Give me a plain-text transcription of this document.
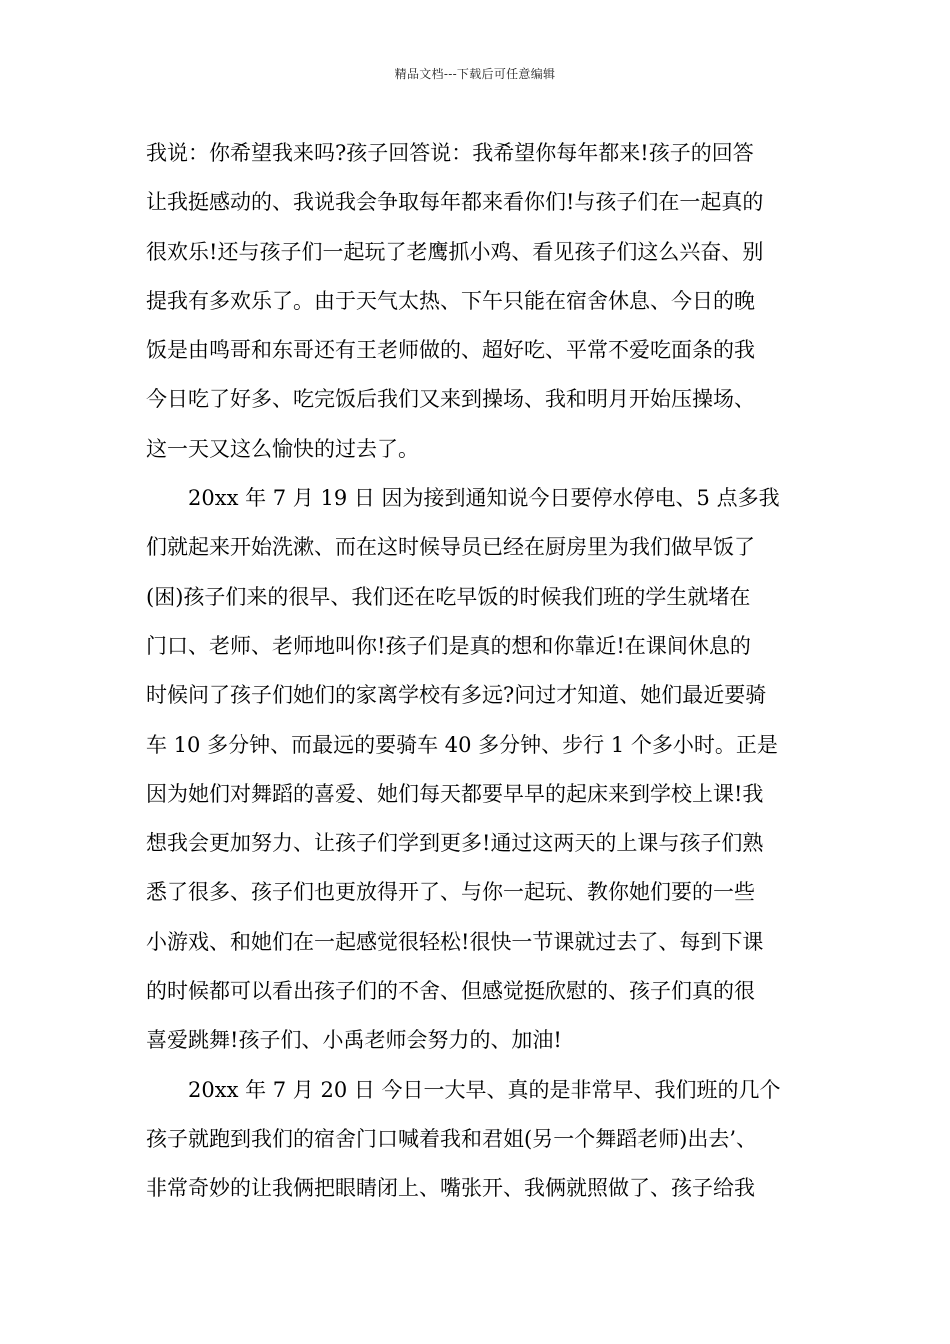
精品文档---下载后可任意编辑
我说：你希望我来吗?孩子回答说：我希望你每年都来!孩子的回答
让我挺感动的、我说我会争取每年都来看你们!与孩子们在一起真的
很欢乐!还与孩子们一起玩了老鹰抓小鸡、看见孩子们这么兴奋、别
提我有多欢乐了。由于天气太热、下午只能在宿舍休息、今日的晚
饭是由鸣哥和东哥还有王老师做的、超好吃、平常不爱吃面条的我
今日吃了好多、吃完饭后我们又来到操场、我和明月开始压操场、
这一天又这么愉快的过去了。
20xx 年 7 月 19 日 因为接到通知说今日要停水停电、5 点多我
们就起来开始洗漱、而在这时候导员已经在厨房里为我们做早饭了
(困)孩子们来的很早、我们还在吃早饭的时候我们班的学生就堵在
门口、老师、老师地叫你!孩子们是真的想和你靠近!在课间休息的
时候问了孩子们她们的家离学校有多远?问过才知道、她们最近要骑
车 10 多分钟、而最远的要骑车 40 多分钟、步行 1 个多小时。正是
因为她们对舞蹈的喜爱、她们每天都要早早的起床来到学校上课!我
想我会更加努力、让孩子们学到更多!通过这两天的上课与孩子们熟
悉了很多、孩子们也更放得开了、与你一起玩、教你她们要的一些
小游戏、和她们在一起感觉很轻松!很快一节课就过去了、每到下课
的时候都可以看出孩子们的不舍、但感觉挺欣慰的、孩子们真的很
喜爱跳舞!孩子们、小禹老师会努力的、加油!
20xx 年 7 月 20 日 今日一大早、真的是非常早、我们班的几个
孩子就跑到我们的宿舍门口喊着我和君姐(另一个舞蹈老师)出去’、
非常奇妙的让我俩把眼睛闭上、嘴张开、我俩就照做了、孩子给我
